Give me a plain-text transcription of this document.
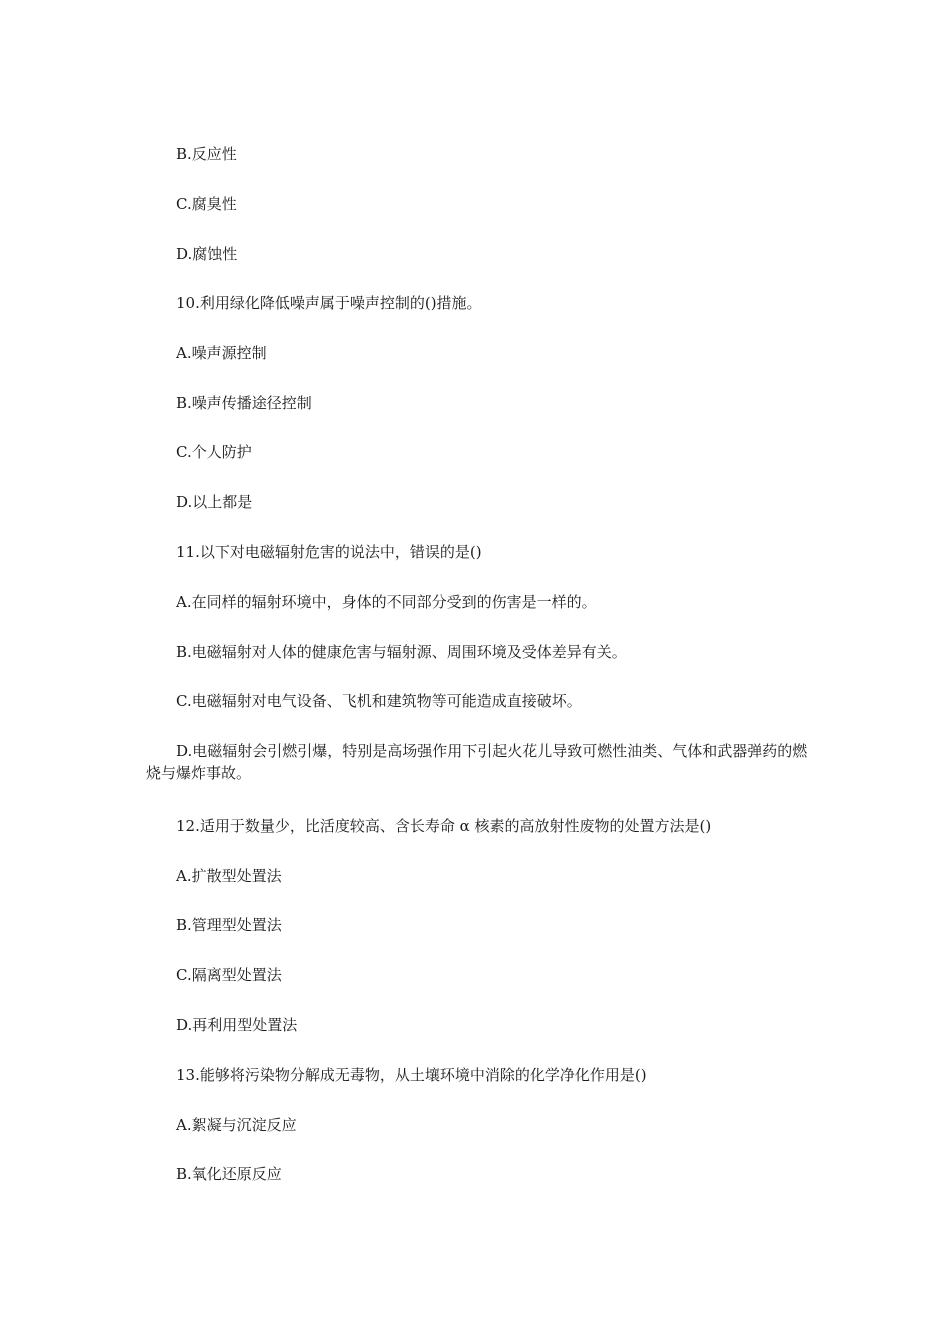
B.反应性
C.腐臭性
D.腐蚀性
10.利用绿化降低噪声属于噪声控制的()措施。
A.噪声源控制
B.噪声传播途径控制
C.个人防护
D.以上都是
11.以下对电磁辐射危害的说法中，错误的是()
A.在同样的辐射环境中，身体的不同部分受到的伤害是一样的。
B.电磁辐射对人体的健康危害与辐射源、周围环境及受体差异有关。
C.电磁辐射对电气设备、飞机和建筑物等可能造成直接破坏。
D.电磁辐射会引燃引爆，特别是高场强作用下引起火花儿导致可燃性油类、气体和武器弹药的燃烧与爆炸事故。
12.适用于数量少，比活度较高、含长寿命 α 核素的高放射性废物的处置方法是()
A.扩散型处置法
B.管理型处置法
C.隔离型处置法
D.再利用型处置法
13.能够将污染物分解成无毒物，从土壤环境中消除的化学净化作用是()
A.絮凝与沉淀反应
B.氧化还原反应
